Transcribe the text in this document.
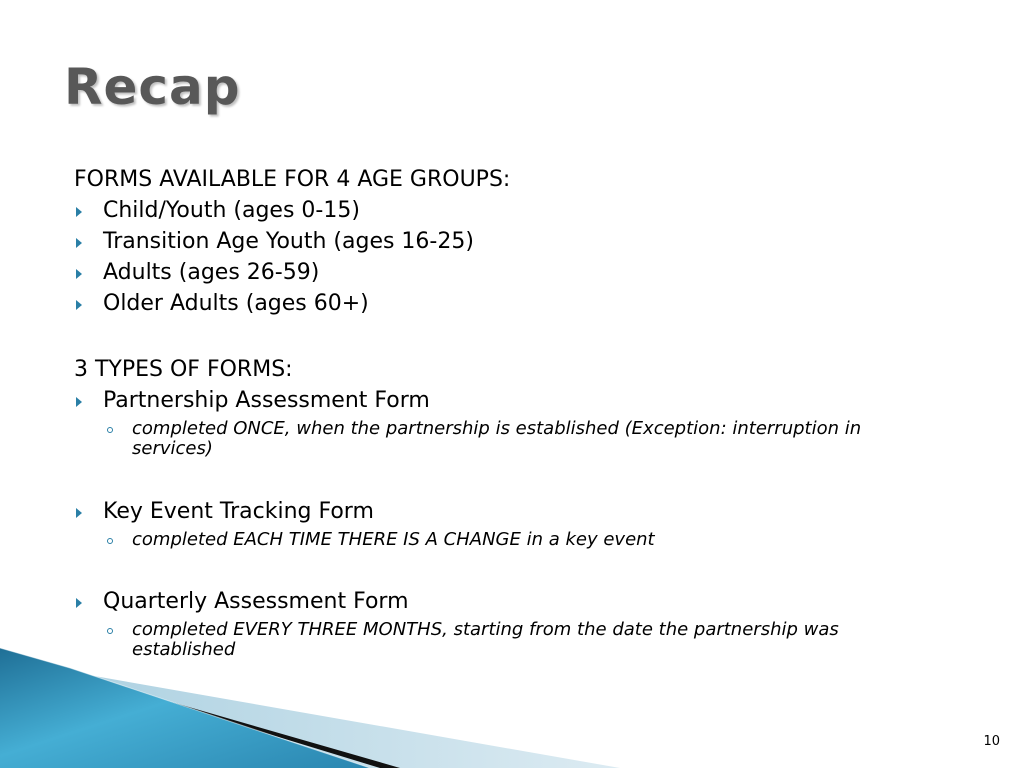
Recap
FORMS AVAILABLE FOR 4 AGE GROUPS:
Child/Youth (ages 0-15)
Transition Age Youth (ages 16-25)
Adults (ages 26-59)
Older Adults (ages 60+)
3 TYPES OF FORMS:
Partnership Assessment Form
completed ONCE, when the partnership is established (Exception: interruption in services)
Key Event Tracking Form
completed EACH TIME THERE IS A CHANGE in a key event
Quarterly Assessment Form
completed EVERY THREE MONTHS, starting from the date the partnership was established
10
